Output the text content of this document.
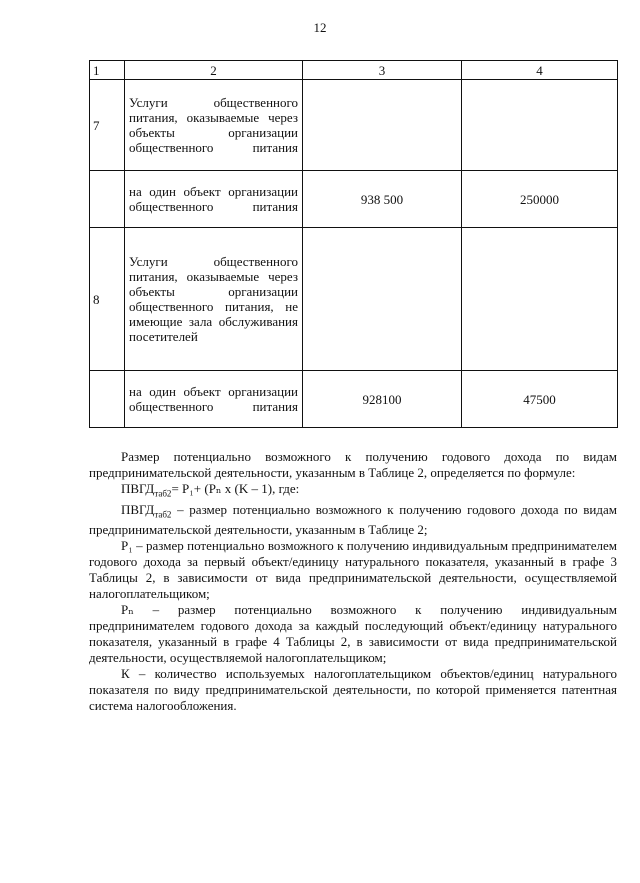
12
1	2	3	4
7	Услуги общественного питания, оказываемые через объекты организации общественного питания		
	на один объект организации общественного питания	938 500	250000
8	Услуги общественного питания, оказываемые через объекты организации общественного питания, не имеющие зала обслуживания посетителей		
	на один объект организации общественного питания	928100	47500

Размер потенциально возможного к получению годового дохода по видам предпринимательской деятельности, указанным в Таблице 2, определяется по формуле:

$ПВГД_{таб2}= P_1+ (P_n$ x (K – 1), где:

$ПВГД_{таб2}$ – размер потенциально возможного к получению годового дохода по видам предпринимательской деятельности, указанным в Таблице 2;

P₁ – размер потенциально возможного к получению индивидуальным предпринимателем годового дохода за первый объект/единицу натурального показателя, указанный в графе 3 Таблицы 2, в зависимости от вида предпринимательской деятельности, осуществляемой налогоплательщиком;

Pₙ – размер потенциально возможного к получению индивидуальным предпринимателем годового дохода за каждый последующий объект/единицу натурального показателя, указанный в графе 4 Таблицы 2, в зависимости от вида предпринимательской деятельности, осуществляемой налогоплательщиком;

К – количество используемых налогоплательщиком объектов/единиц натурального показателя по виду предпринимательской деятельности, по которой применяется патентная система налогообложения.
